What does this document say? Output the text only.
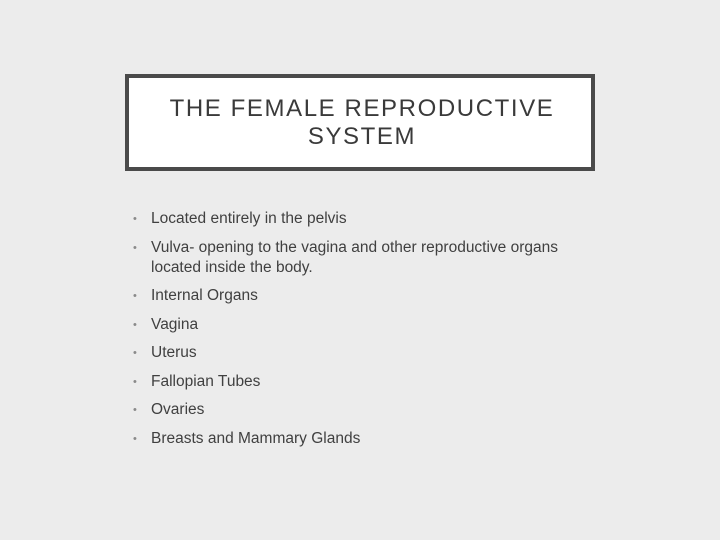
THE FEMALE REPRODUCTIVE SYSTEM
• Located entirely in the pelvis
• Vulva- opening to the vagina and other reproductive organs located inside the body.
• Internal Organs
• Vagina
• Uterus
• Fallopian Tubes
• Ovaries
• Breasts and Mammary Glands
